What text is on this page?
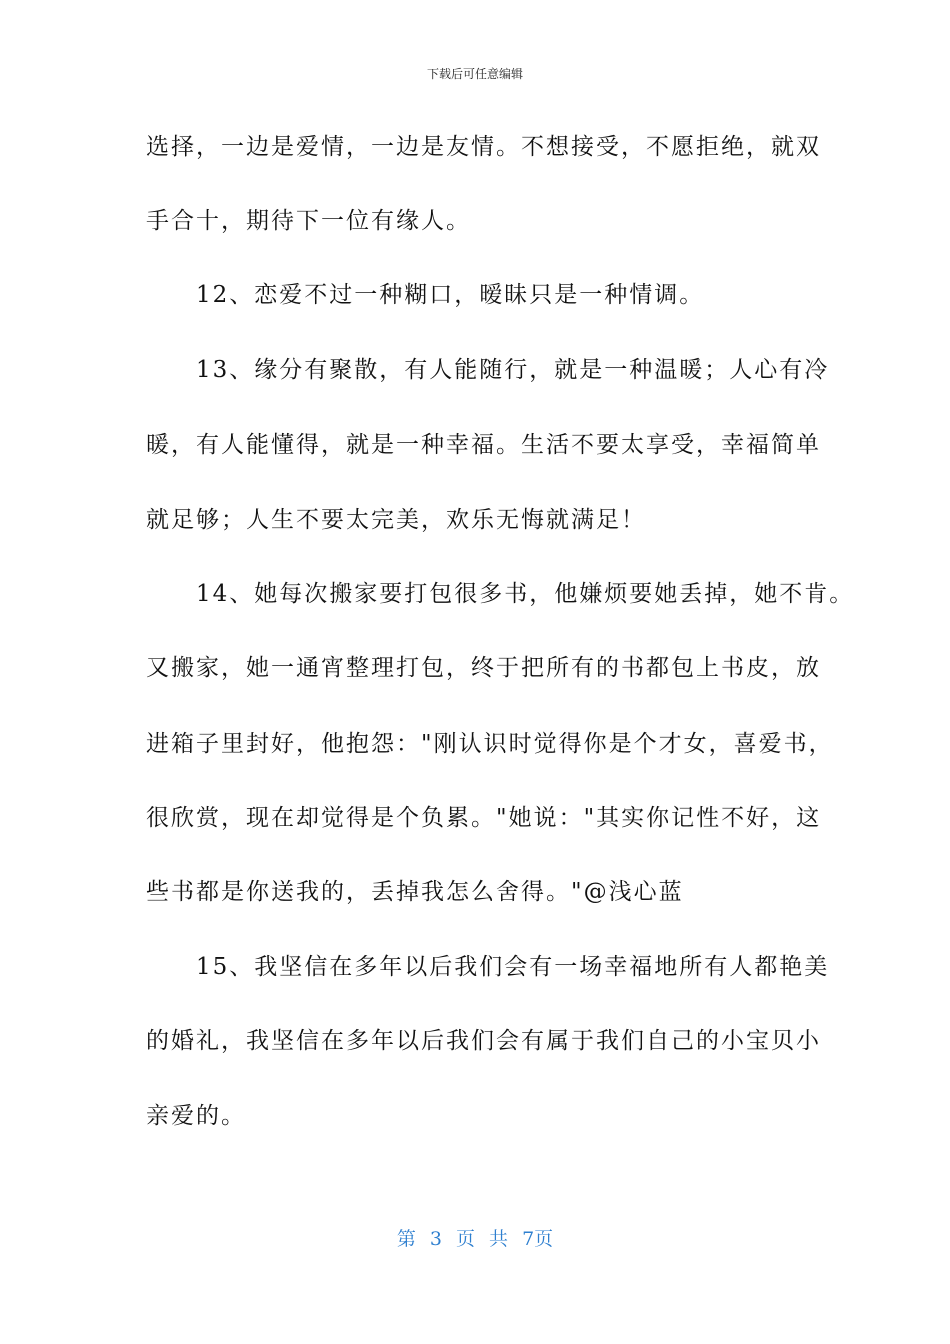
下载后可任意编辑
选择，一边是爱情，一边是友情。不想接受，不愿拒绝，就双
手合十，期待下一位有缘人。
　　12、恋爱不过一种糊口，暧昧只是一种情调。
　　13、缘分有聚散，有人能随行，就是一种温暖；人心有冷
暖，有人能懂得，就是一种幸福。生活不要太享受，幸福简单
就足够；人生不要太完美，欢乐无悔就满足！
　　14、她每次搬家要打包很多书，他嫌烦要她丢掉，她不肯。
又搬家，她一通宵整理打包，终于把所有的书都包上书皮，放
进箱子里封好，他抱怨："刚认识时觉得你是个才女，喜爱书，
很欣赏，现在却觉得是个负累。"她说："其实你记性不好，这
些书都是你送我的，丢掉我怎么舍得。"@浅心蓝
　　15、我坚信在多年以后我们会有一场幸福地所有人都艳美
的婚礼，我坚信在多年以后我们会有属于我们自己的小宝贝小
亲爱的。
第 3 页 共 7页
